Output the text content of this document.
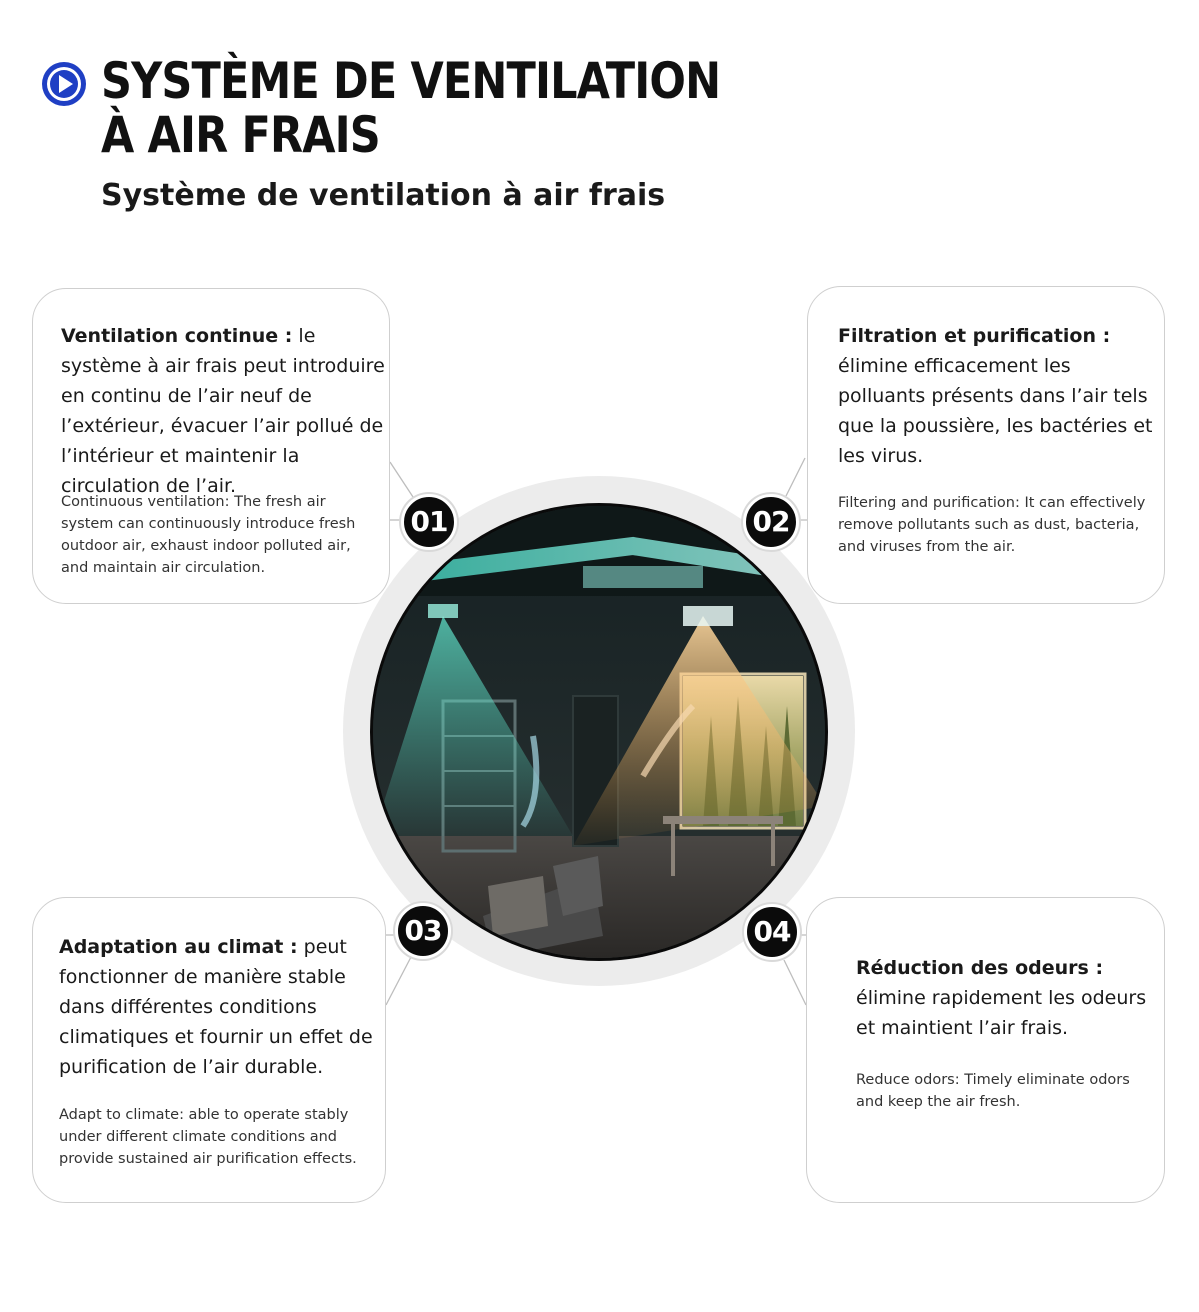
SYSTÈME DE VENTILATION
À AIR FRAIS
Système de ventilation à air frais

Ventilation continue : le système à air frais peut introduire en continu de l’air neuf de l’extérieur, évacuer l’air pollué de l’intérieur et maintenir la circulation de l’air.

Continuous ventilation: The fresh air system can continuously introduce fresh outdoor air, exhaust indoor polluted air, and maintain air circulation.

Filtration et purification : élimine efficacement les polluants présents dans l’air tels que la poussière, les bactéries et les virus.

Filtering and purification: It can effectively remove pollutants such as dust, bacteria, and viruses from the air.

Adaptation au climat : peut fonctionner de manière stable dans différentes conditions climatiques et fournir un effet de purification de l’air durable.

Adapt to climate: able to operate stably under different climate conditions and provide sustained air purification effects.

Réduction des odeurs : élimine rapidement les odeurs et maintient l’air frais.

Reduce odors: Timely eliminate odors and keep the air fresh.

01	02
03	04
